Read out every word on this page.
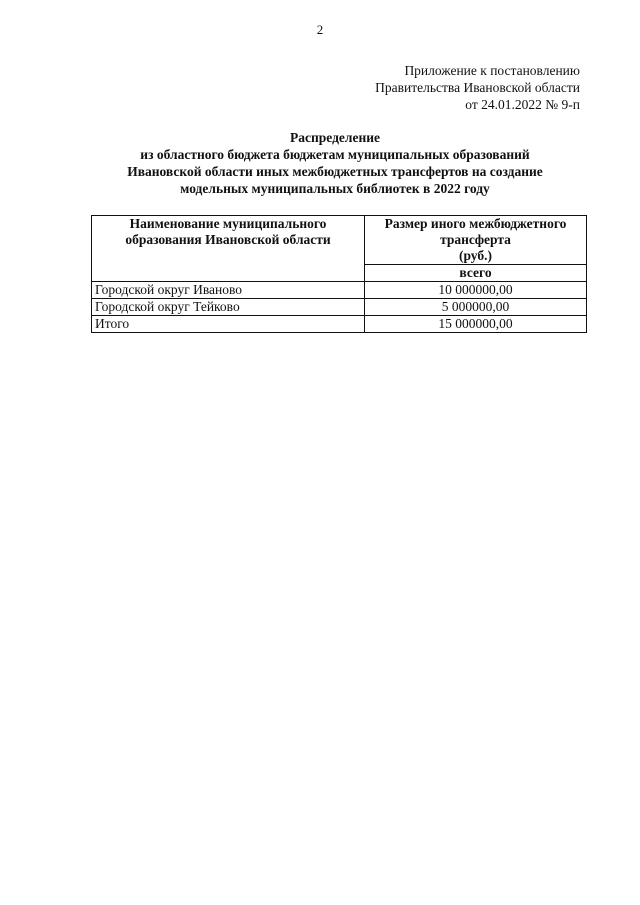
2
Приложение к постановлению
Правительства Ивановской области
от 24.01.2022 № 9-п
Распределение
из областного бюджета бюджетам муниципальных образований
Ивановской области иных межбюджетных трансфертов на создание
модельных муниципальных библиотек в 2022 году
Наименование муниципального
образования Ивановской области	Размер иного межбюджетного
трансферта
(руб.)

	всего
Городской округ Иваново	10 000000,00
Городской округ Тейково	5 000000,00
Итого	15 000000,00
